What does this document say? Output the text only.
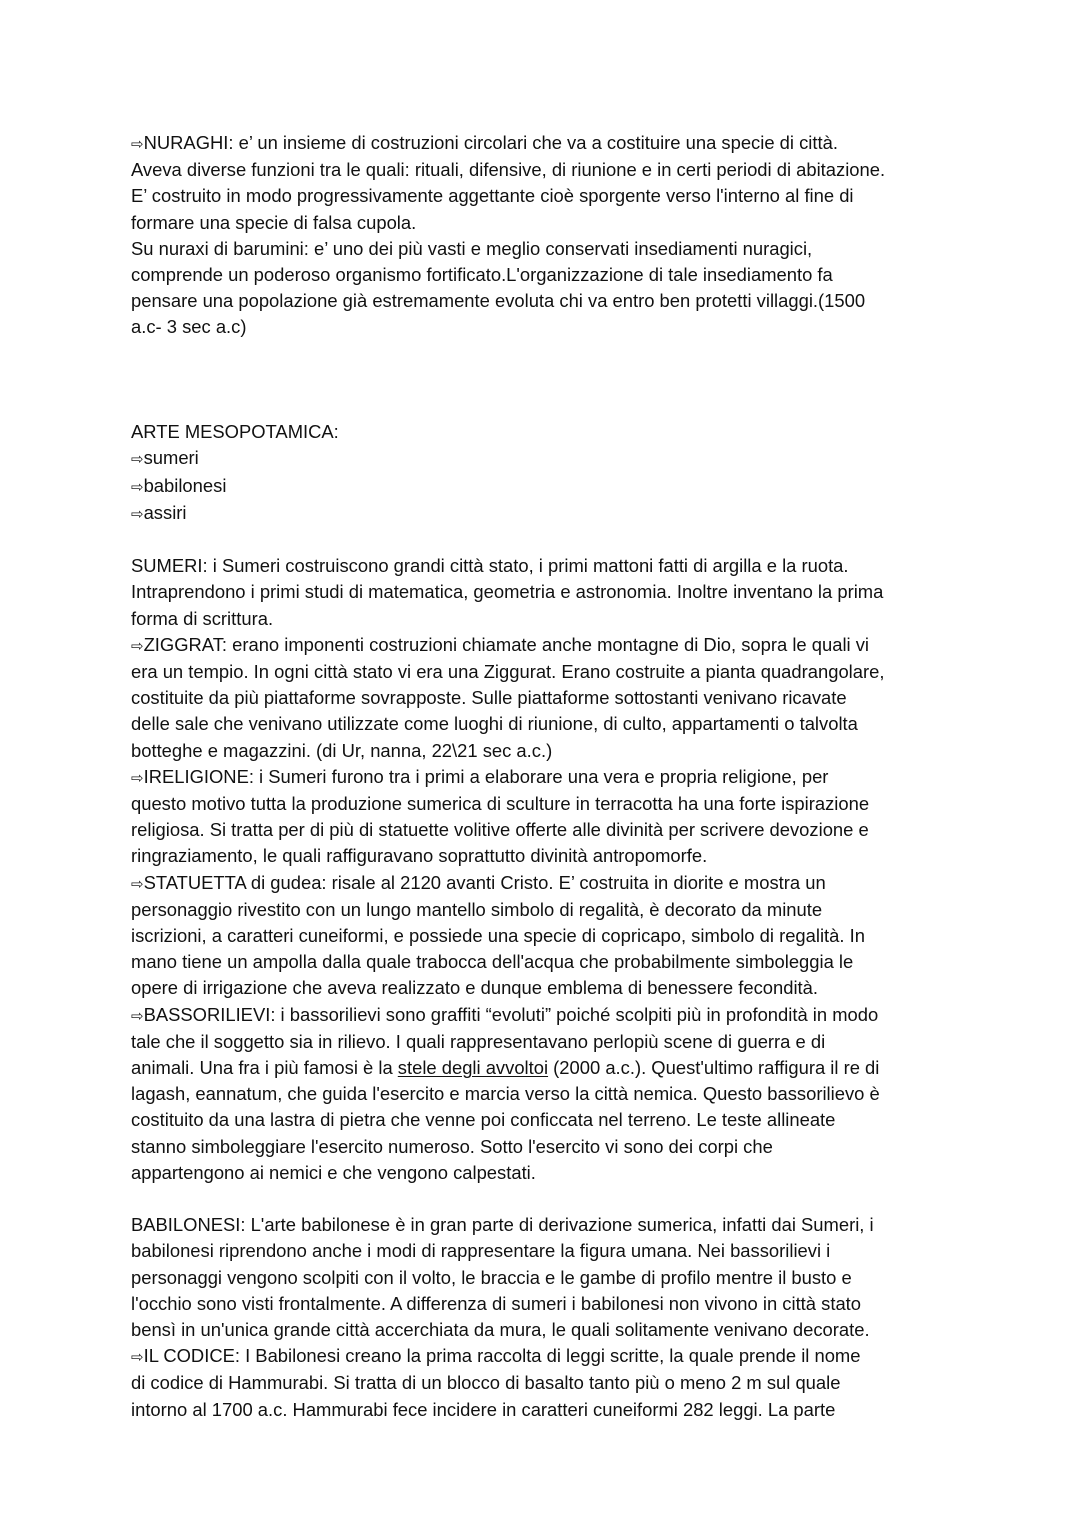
⇨NURAGHI: e’ un insieme di costruzioni circolari che va a costituire una specie di città.
Aveva diverse funzioni tra le quali: rituali, difensive, di riunione e in certi periodi di abitazione.
E’ costruito in modo progressivamente aggettante cioè sporgente verso l'interno al fine di
formare una specie di falsa cupola.
Su nuraxi di barumini: e’ uno dei più vasti e meglio conservati insediamenti nuragici,
comprende un poderoso organismo fortificato.L'organizzazione di tale insediamento fa
pensare una popolazione già estremamente evoluta chi va entro ben protetti villaggi.(1500
a.c- 3 sec a.c)
ARTE MESOPOTAMICA:
⇨sumeri
⇨babilonesi
⇨assiri
SUMERI: i Sumeri costruiscono grandi città stato, i primi mattoni fatti di argilla e la ruota.
Intraprendono i primi studi di matematica, geometria e astronomia. Inoltre inventano la prima
forma di scrittura.
⇨ZIGGRAT: erano imponenti costruzioni chiamate anche montagne di Dio, sopra le quali vi
era un tempio. In ogni città stato vi era una Ziggurat. Erano costruite a pianta quadrangolare,
costituite da più piattaforme sovrapposte. Sulle piattaforme sottostanti venivano ricavate
delle sale che venivano utilizzate come luoghi di riunione, di culto, appartamenti o talvolta
botteghe e magazzini. (di Ur, nanna, 22\21 sec a.c.)
⇨IRELIGIONE: i Sumeri furono tra i primi a elaborare una vera e propria religione, per
questo motivo tutta la produzione sumerica di sculture in terracotta ha una forte ispirazione
religiosa. Si tratta per di più di statuette volitive offerte alle divinità per scrivere devozione e
ringraziamento, le quali raffiguravano soprattutto divinità antropomorfe.
⇨STATUETTA di gudea: risale al 2120 avanti Cristo. E’ costruita in diorite e mostra un
personaggio rivestito con un lungo mantello simbolo di regalità, è decorato da minute
iscrizioni, a caratteri cuneiformi, e possiede una specie di copricapo, simbolo di regalità. In
mano tiene un ampolla dalla quale trabocca dell'acqua che probabilmente simboleggia le
opere di irrigazione che aveva realizzato e dunque emblema di benessere fecondità.
⇨BASSORILIEVI: i bassorilievi sono graffiti “evoluti” poiché scolpiti più in profondità in modo
tale che il soggetto sia in rilievo. I quali rappresentavano perlopiù scene di guerra e di
animali. Una fra i più famosi è la stele degli avvoltoi (2000 a.c.). Quest'ultimo raffigura il re di
lagash, eannatum, che guida l'esercito e marcia verso la città nemica. Questo bassorilievo è
costituito da una lastra di pietra che venne poi conficcata nel terreno. Le teste allineate
stanno simboleggiare l'esercito numeroso. Sotto l'esercito vi sono dei corpi che
appartengono ai nemici e che vengono calpestati.
BABILONESI: L'arte babilonese è in gran parte di derivazione sumerica, infatti dai Sumeri, i
babilonesi riprendono anche i modi di rappresentare la figura umana. Nei bassorilievi i
personaggi vengono scolpiti con il volto, le braccia e le gambe di profilo mentre il busto e
l'occhio sono visti frontalmente. A differenza di sumeri i babilonesi non vivono in città stato
bensì in un'unica grande città accerchiata da mura, le quali solitamente venivano decorate.
⇨IL CODICE: I Babilonesi creano la prima raccolta di leggi scritte, la quale prende il nome
di codice di Hammurabi. Si tratta di un blocco di basalto tanto più o meno 2 m sul quale
intorno al 1700 a.c. Hammurabi fece incidere in caratteri cuneiformi 282 leggi. La parte
